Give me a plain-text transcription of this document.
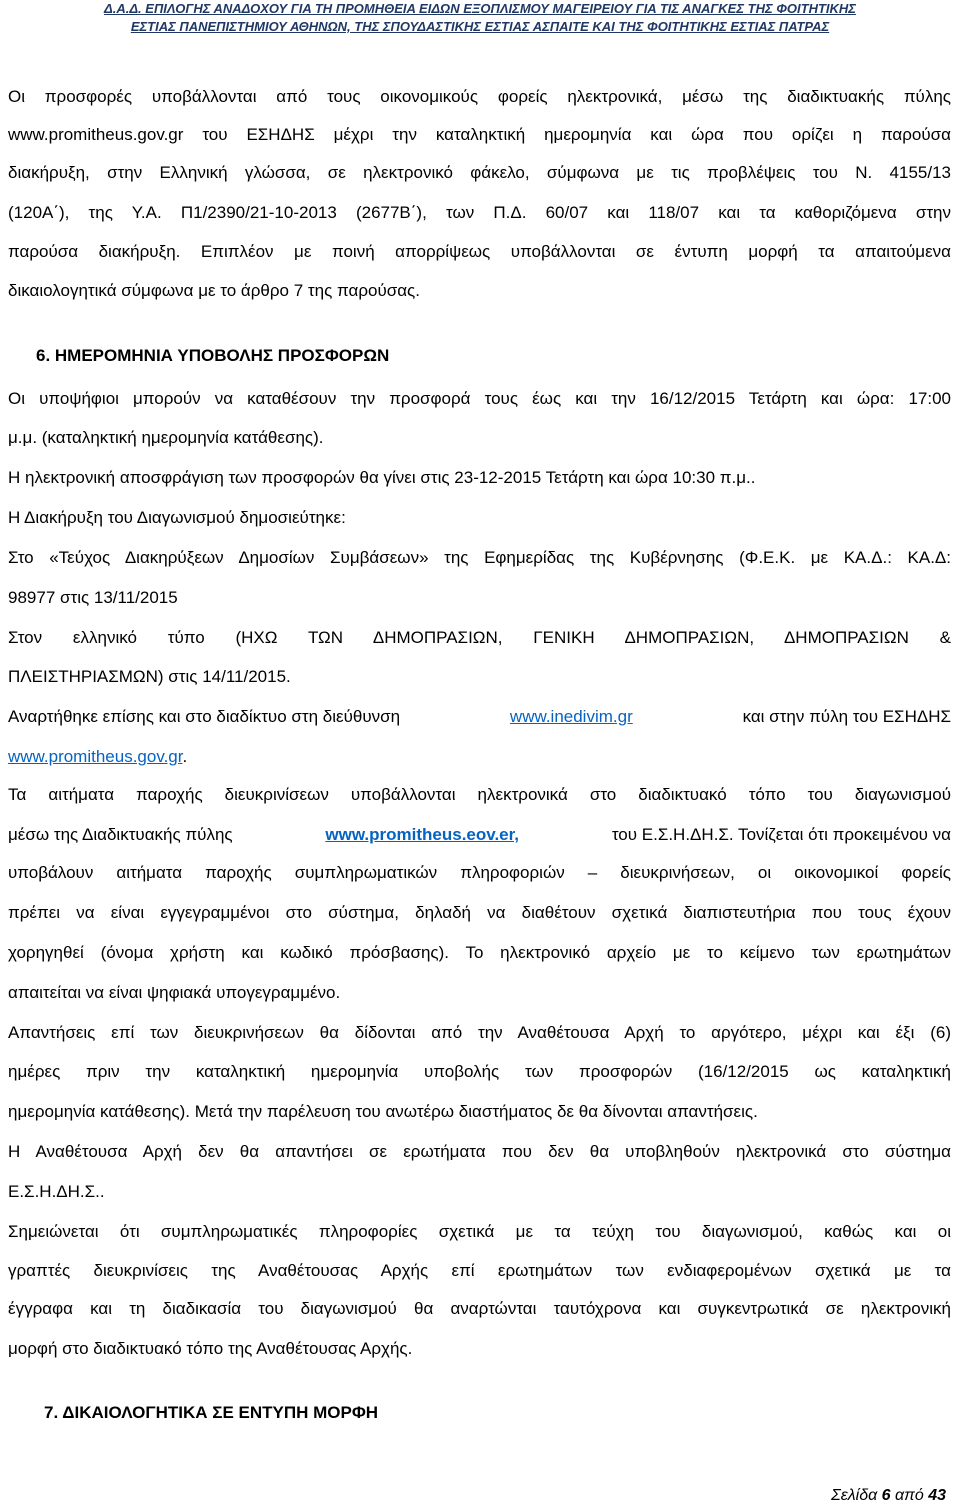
Δ.Α.Δ. ΕΠΙΛΟΓΗΣ ΑΝΑΔΟΧΟΥ ΓΙΑ ΤΗ ΠΡΟΜΗΘΕΙΑ ΕΙΔΩΝ ΕΞΟΠΛΙΣΜΟΥ ΜΑΓΕΙΡΕΙΟΥ ΓΙΑ ΤΙΣ ΑΝΑΓΚΕΣ ΤΗΣ ΦΟΙΤΗΤΙΚΗΣ
ΕΣΤΙΑΣ ΠΑΝΕΠΙΣΤΗΜΙΟΥ ΑΘΗΝΩΝ, ΤΗΣ ΣΠΟΥΔΑΣΤΙΚΗΣ ΕΣΤΙΑΣ ΑΣΠΑΙΤΕ ΚΑΙ ΤΗΣ ΦΟΙΤΗΤΙΚΗΣ ΕΣΤΙΑΣ ΠΑΤΡΑΣ
Οι προσφορές υποβάλλονται από τους οικονομικούς φορείς ηλεκτρονικά, μέσω της διαδικτυακής πύλης
www.promitheus.gov.gr του ΕΣΗΔΗΣ μέχρι την καταληκτική ημερομηνία και ώρα που ορίζει η παρούσα
διακήρυξη, στην Ελληνική γλώσσα, σε ηλεκτρονικό φάκελο, σύμφωνα με τις προβλέψεις του Ν. 4155/13
(120Α΄), της Υ.Α. Π1/2390/21-10-2013 (2677Β΄), των Π.Δ. 60/07 και 118/07 και τα καθοριζόμενα στην
παρούσα διακήρυξη. Επιπλέον με ποινή απορρίψεως υποβάλλονται σε έντυπη μορφή τα απαιτούμενα
δικαιολογητικά σύμφωνα με το άρθρο 7 της παρούσας.
6. ΗΜΕΡΟΜΗΝΙΑ ΥΠΟΒΟΛΗΣ ΠΡΟΣΦΟΡΩΝ
Οι υποψήφιοι μπορούν να καταθέσουν την προσφορά τους έως και την 16/12/2015 Τετάρτη και ώρα: 17:00
μ.μ. (καταληκτική ημερομηνία κατάθεσης).
Η ηλεκτρονική αποσφράγιση των προσφορών θα γίνει στις 23-12-2015 Τετάρτη και ώρα 10:30 π.μ..
Η Διακήρυξη του Διαγωνισμού δημοσιεύτηκε:
Στο «Τεύχος Διακηρύξεων Δημοσίων Συμβάσεων» της Εφημερίδας της Κυβέρνησης (Φ.Ε.Κ. με ΚΑ.Δ.: ΚΑ.Δ:
98977 στις 13/11/2015
Στον ελληνικό τύπο (ΗΧΩ ΤΩΝ ΔΗΜΟΠΡΑΣΙΩΝ, ΓΕΝΙΚΗ ΔΗΜΟΠΡΑΣΙΩΝ, ΔΗΜΟΠΡΑΣΙΩΝ &
ΠΛΕΙΣΤΗΡΙΑΣΜΩΝ) στις 14/11/2015.
Αναρτήθηκε επίσης και στο διαδίκτυο στη διεύθυνση	www.inedivim.gr	και στην πύλη του ΕΣΗΔΗΣ
www.promitheus.gov.gr.
Τα αιτήματα παροχής διευκρινίσεων υποβάλλονται ηλεκτρονικά στο διαδικτυακό τόπο του διαγωνισμού
μέσω της Διαδικτυακής πύλης	www.promitheus.eov.er,	του Ε.Σ.Η.ΔΗ.Σ. Τονίζεται ότι προκειμένου να
υποβάλουν αιτήματα παροχής συμπληρωματικών πληροφοριών – διευκρινήσεων, οι οικονομικοί φορείς
πρέπει να είναι εγγεγραμμένοι στο σύστημα, δηλαδή να διαθέτουν σχετικά διαπιστευτήρια που τους έχουν
χορηγηθεί (όνομα χρήστη και κωδικό πρόσβασης). Το ηλεκτρονικό αρχείο με το κείμενο των ερωτημάτων
απαιτείται να είναι ψηφιακά υπογεγραμμένο.
Απαντήσεις επί των διευκρινήσεων θα δίδονται από την Αναθέτουσα Αρχή το αργότερο, μέχρι και έξι (6)
ημέρες πριν την καταληκτική ημερομηνία υποβολής των προσφορών (16/12/2015 ως καταληκτική
ημερομηνία κατάθεσης). Μετά την παρέλευση του ανωτέρω διαστήματος δε θα δίνονται απαντήσεις.
Η Αναθέτουσα Αρχή δεν θα απαντήσει σε ερωτήματα που δεν θα υποβληθούν ηλεκτρονικά στο σύστημα
Ε.Σ.Η.ΔΗ.Σ..
Σημειώνεται ότι συμπληρωματικές πληροφορίες σχετικά με τα τεύχη του διαγωνισμού, καθώς και οι
γραπτές διευκρινίσεις της Αναθέτουσας Αρχής επί ερωτημάτων των ενδιαφερομένων σχετικά με τα
έγγραφα και τη διαδικασία του διαγωνισμού θα αναρτώνται ταυτόχρονα και συγκεντρωτικά σε ηλεκτρονική
μορφή στο διαδικτυακό τόπο της Αναθέτουσας Αρχής.
7. ΔΙΚΑΙΟΛΟΓΗΤΙΚΑ ΣΕ ΕΝΤΥΠΗ ΜΟΡΦΗ
Σελίδα 6 από 43
